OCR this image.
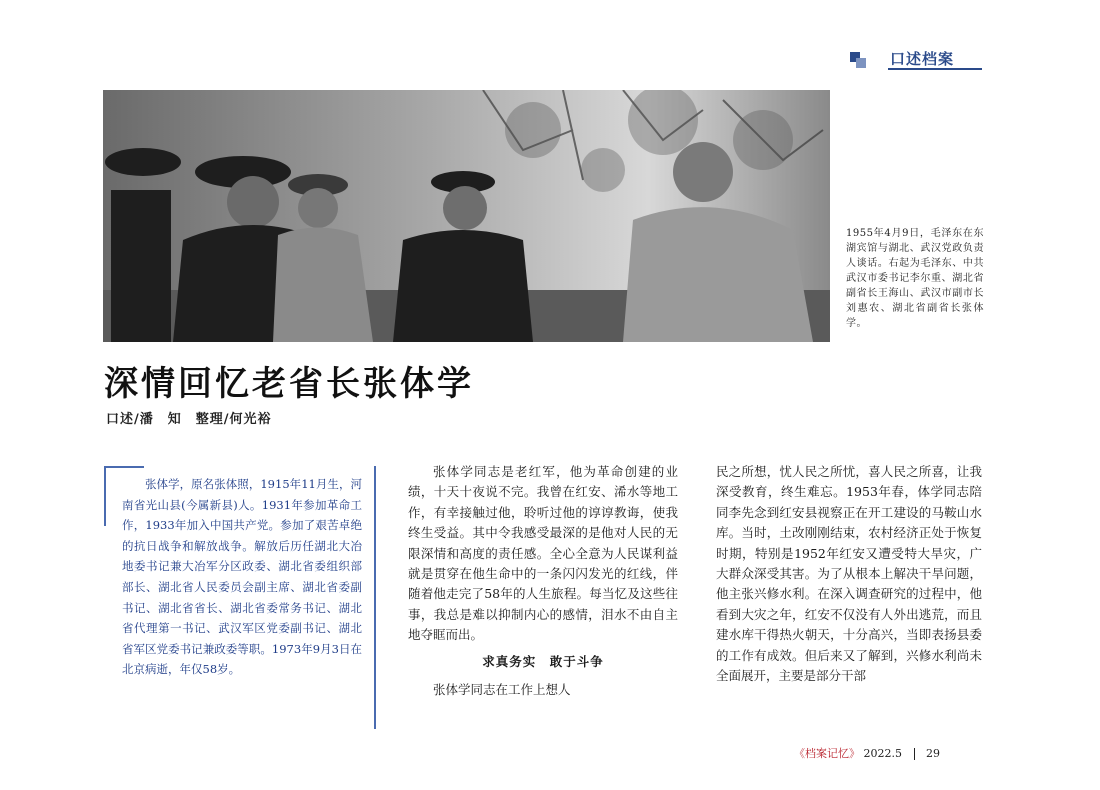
口述档案
1955年4月9日，毛泽东在东湖宾馆与湖北、武汉党政负责人谈话。右起为毛泽东、中共武汉市委书记李尔重、湖北省副省长王海山、武汉市副市长刘惠农、湖北省副省长张体学。
深情回忆老省长张体学
口述/潘　知　整理/何光裕

张体学，原名张体照，1915年11月生，河南省光山县(今属新县)人。1931年参加革命工作，1933年加入中国共产党。参加了艰苦卓绝的抗日战争和解放战争。解放后历任湖北大冶地委书记兼大冶军分区政委、湖北省委组织部部长、湖北省人民委员会副主席、湖北省委副书记、湖北省省长、湖北省委常务书记、湖北省代理第一书记、武汉军区党委副书记、湖北省军区党委书记兼政委等职。1973年9月3日在北京病逝，年仅58岁。

张体学同志是老红军，他为革命创建的业绩，十天十夜说不完。我曾在红安、浠水等地工作，有幸接触过他，聆听过他的谆谆教诲，使我终生受益。其中令我感受最深的是他对人民的无限深情和高度的责任感。全心全意为人民谋利益就是贯穿在他生命中的一条闪闪发光的红线，伴随着他走完了58年的人生旅程。每当忆及这些往事，我总是难以抑制内心的感情，泪水不由自主地夺眶而出。

求真务实　敢于斗争

张体学同志在工作上想人

民之所想，忧人民之所忧，喜人民之所喜，让我深受教育，终生难忘。1953年春，体学同志陪同李先念到红安县视察正在开工建设的马鞍山水库。当时，土改刚刚结束，农村经济正处于恢复时期，特别是1952年红安又遭受特大旱灾，广大群众深受其害。为了从根本上解决干旱问题，他主张兴修水利。在深入调查研究的过程中，他看到大灾之年，红安不仅没有人外出逃荒，而且建水库干得热火朝天，十分高兴，当即表扬县委的工作有成效。但后来又了解到，兴修水利尚未全面展开，主要是部分干部

《档案记忆》 2022.5 29
